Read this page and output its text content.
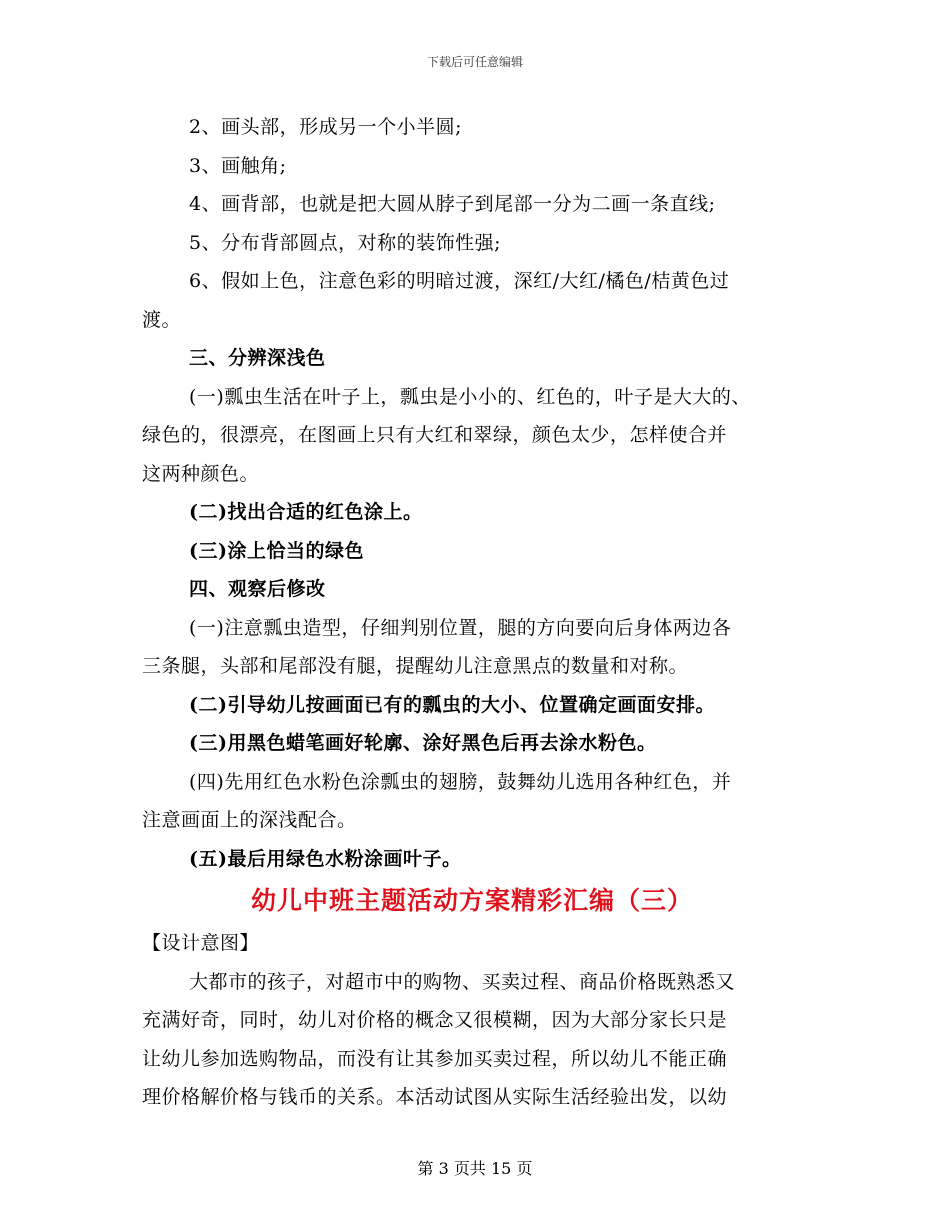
下载后可任意编辑
2、画头部，形成另一个小半圆;
3、画触角;
4、画背部，也就是把大圆从脖子到尾部一分为二画一条直线;
5、分布背部圆点，对称的装饰性强;
6、假如上色，注意色彩的明暗过渡，深红/大红/橘色/桔黄色过
渡。
三、分辨深浅色
(一)瓢虫生活在叶子上，瓢虫是小小的、红色的，叶子是大大的、
绿色的，很漂亮，在图画上只有大红和翠绿，颜色太少，怎样使合并
这两种颜色。
(二)找出合适的红色涂上。
(三)涂上恰当的绿色
四、观察后修改
(一)注意瓢虫造型，仔细判别位置，腿的方向要向后身体两边各
三条腿，头部和尾部没有腿，提醒幼儿注意黑点的数量和对称。
(二)引导幼儿按画面已有的瓢虫的大小、位置确定画面安排。
(三)用黑色蜡笔画好轮廓、涂好黑色后再去涂水粉色。
(四)先用红色水粉色涂瓢虫的翅膀，鼓舞幼儿选用各种红色，并
注意画面上的深浅配合。
(五)最后用绿色水粉涂画叶子。
幼儿中班主题活动方案精彩汇编（三）
【设计意图】
大都市的孩子，对超市中的购物、买卖过程、商品价格既熟悉又
充满好奇，同时，幼儿对价格的概念又很模糊，因为大部分家长只是
让幼儿参加选购物品，而没有让其参加买卖过程，所以幼儿不能正确
理价格解价格与钱币的关系。本活动试图从实际生活经验出发，以幼
第 3 页共 15 页
